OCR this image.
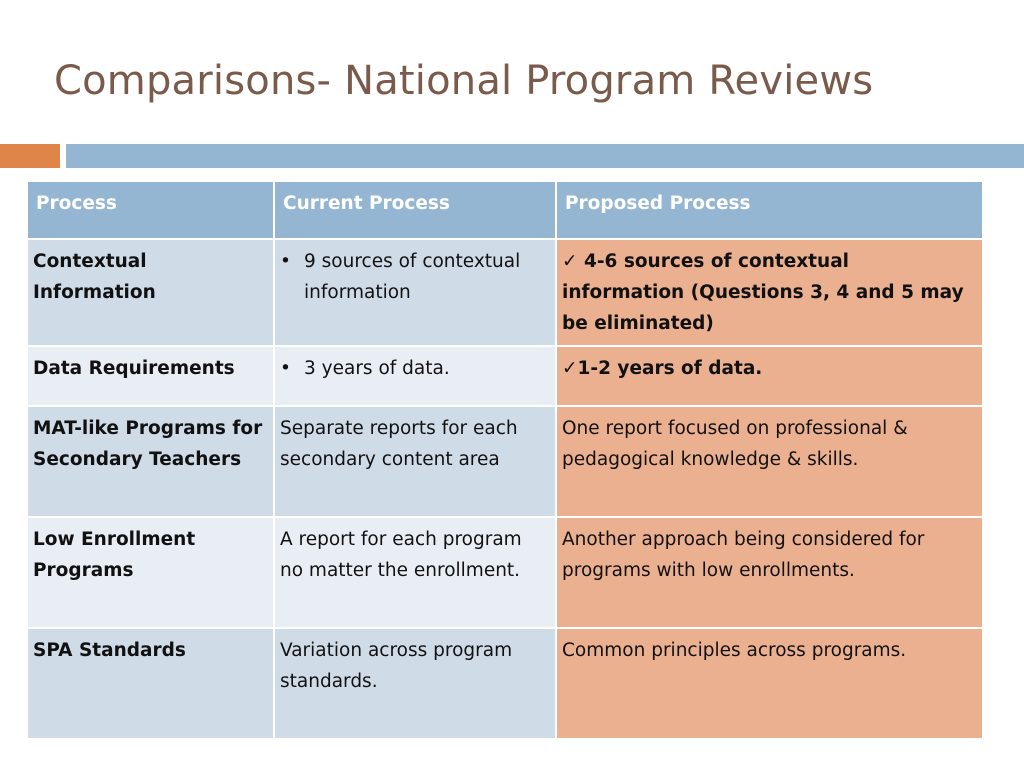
Comparisons- National Program Reviews
Process	Current Process	Proposed Process
Contextual Information	• 9 sources of contextual information	✓ 4-6 sources of contextual information (Questions 3, 4 and 5 may be eliminated)
Data Requirements	• 3 years of data.	✓1-2 years of data.
MAT-like Programs for Secondary Teachers	Separate reports for each secondary content area	One report focused on professional & pedagogical knowledge & skills.
Low Enrollment Programs	A report for each program no matter the enrollment.	Another approach being considered for programs with low enrollments.
SPA Standards	Variation across program standards.	Common principles across programs.
